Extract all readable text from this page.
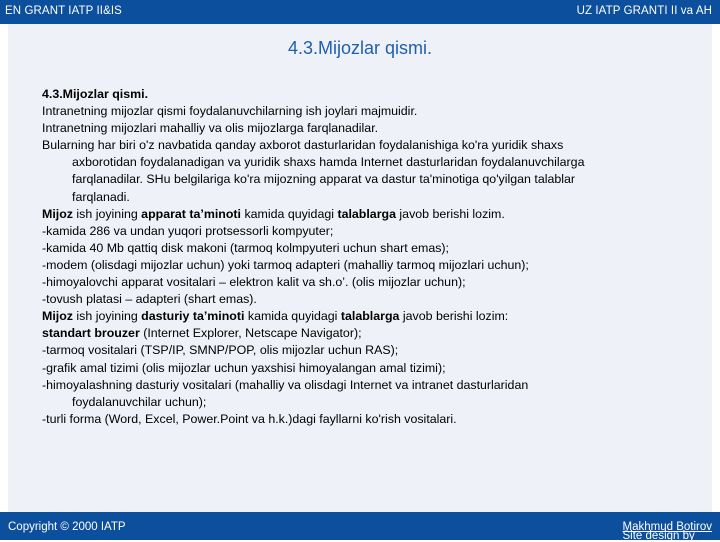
EN GRANT IATP II&IS	UZ IATP GRANTI II va AH
4.3.Mijozlar qismi.

4.3.Mijozlar qismi.

Intranetning mijozlar qismi foydalanuvchilarning ish joylari majmuidir.

Intranetning mijozlari mahalliy va olis mijozlarga farqlanadilar.

Bularning har biri o'z navbatida qanday axborot dasturlaridan foydalanishiga ko'ra yuridik shaxs

axborotidan foydalanadigan va yuridik shaxs hamda Internet dasturlaridan foydalanuvchilarga

farqlanadilar. SHu belgilariga ko'ra mijozning apparat va dastur ta'minotiga qo'yilgan talablar

farqlanadi.

Mijoz ish joyining apparat ta’minoti kamida quyidagi talablarga javob berishi lozim.

-kamida 286 va undan yuqori protsessorli kompyuter;

-kamida 40 Mb qattiq disk makoni (tarmoq kolmpyuteri uchun shart emas);

-modem (olisdagi mijozlar uchun) yoki tarmoq adapteri (mahalliy tarmoq mijozlari uchun);

-himoyalovchi apparat vositalari – elektron kalit va sh.o’. (olis mijozlar uchun);

-tovush platasi – adapteri (shart emas).

Mijoz ish joyining dasturiy ta’minoti kamida quyidagi talablarga javob berishi lozim:

standart brouzer (Internet Explorer, Netscape Navigator);

-tarmoq vositalari (TSP/IP, SMNP/POP, olis mijozlar uchun RAS);

-grafik amal tizimi (olis mijozlar uchun yaxshisi himoyalangan amal tizimi);

-himoyalashning dasturiy vositalari (mahalliy va olisdagi Internet va intranet dasturlaridan

foydalanuvchilar uchun);

-turli forma (Word, Excel, Power.Point va h.k.)dagi fayllarni ko'rish vositalari.

Copyright © 2000 IATP
Site design by
Makhmud Botirov
